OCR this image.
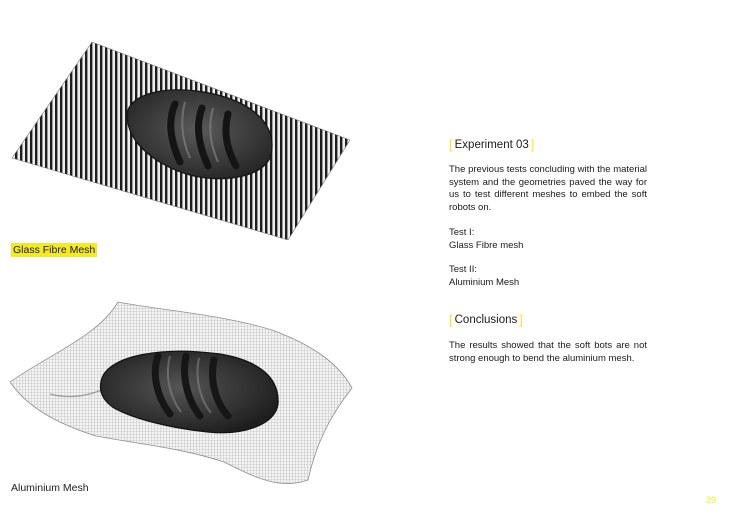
Glass Fibre Mesh
Aluminium Mesh
[ Experiment 03 ]
The previous tests concluding with the material system and the geometries paved the way for us to test different meshes to embed the soft robots on.
Test I:
Glass Fibre mesh
Test II:
Aluminium Mesh
[ Conclusions ]
The results showed that the soft bots are not strong enough to bend the aluminium mesh.
39
